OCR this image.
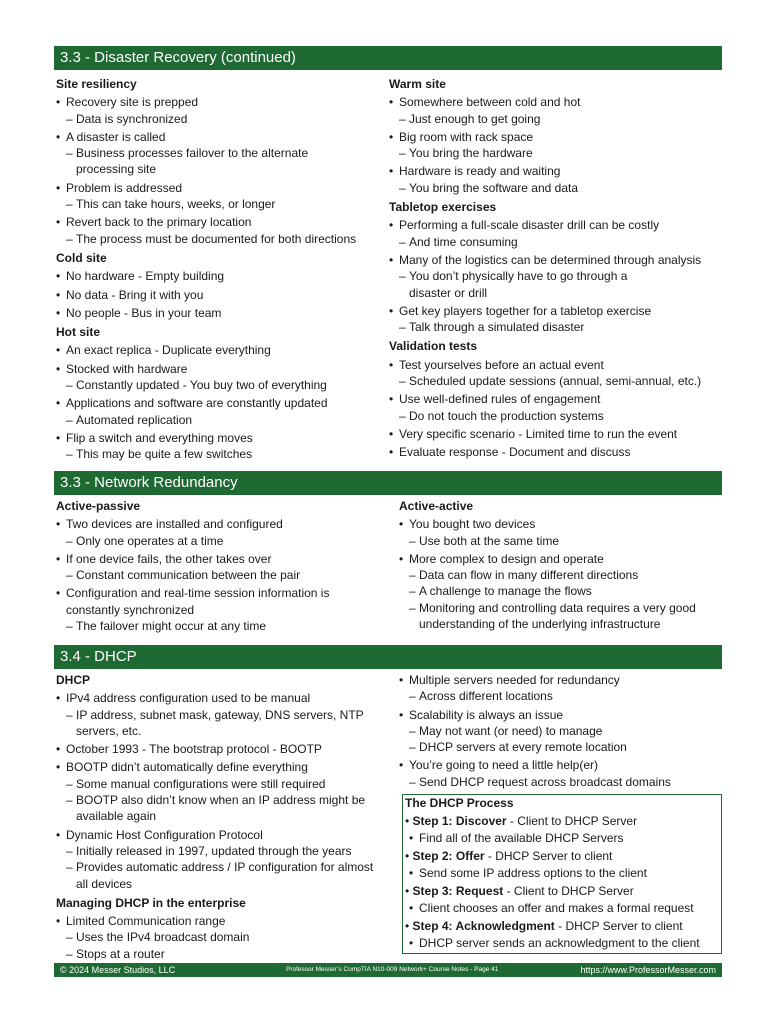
3.3 - Disaster Recovery (continued)
Site resiliency
• Recovery site is prepped
– Data is synchronized
• A disaster is called
– Business processes failover to the alternate processing site
• Problem is addressed
– This can take hours, weeks, or longer
• Revert back to the primary location
– The process must be documented for both directions
Cold site
• No hardware - Empty building
• No data - Bring it with you
• No people - Bus in your team
Hot site
• An exact replica - Duplicate everything
• Stocked with hardware
– Constantly updated - You buy two of everything
• Applications and software are constantly updated
– Automated replication
• Flip a switch and everything moves
– This may be quite a few switches
Warm site
• Somewhere between cold and hot
– Just enough to get going
• Big room with rack space
– You bring the hardware
• Hardware is ready and waiting
– You bring the software and data
Tabletop exercises
• Performing a full-scale disaster drill can be costly
– And time consuming
• Many of the logistics can be determined through analysis
– You don’t physically have to go through a disaster or drill
• Get key players together for a tabletop exercise
– Talk through a simulated disaster
Validation tests
• Test yourselves before an actual event
– Scheduled update sessions (annual, semi-annual, etc.)
• Use well-defined rules of engagement
– Do not touch the production systems
• Very specific scenario - Limited time to run the event
• Evaluate response - Document and discuss
3.3 - Network Redundancy
Active-passive
• Two devices are installed and configured
– Only one operates at a time
• If one device fails, the other takes over
– Constant communication between the pair
• Configuration and real-time session information is constantly synchronized
– The failover might occur at any time
Active-active
• You bought two devices
– Use both at the same time
• More complex to design and operate
– Data can flow in many different directions
– A challenge to manage the flows
– Monitoring and controlling data requires a very good understanding of the underlying infrastructure
3.4 - DHCP
DHCP
• IPv4 address configuration used to be manual
– IP address, subnet mask, gateway, DNS servers, NTP servers, etc.
• October 1993 - The bootstrap protocol - BOOTP
• BOOTP didn’t automatically define everything
– Some manual configurations were still required
– BOOTP also didn’t know when an IP address might be available again
• Dynamic Host Configuration Protocol
– Initially released in 1997, updated through the years
– Provides automatic address / IP configuration for almost all devices
Managing DHCP in the enterprise
• Limited Communication range
– Uses the IPv4 broadcast domain
– Stops at a router
• Multiple servers needed for redundancy
– Across different locations
• Scalability is always an issue
– May not want (or need) to manage
– DHCP servers at every remote location
• You’re going to need a little help(er)
– Send DHCP request across broadcast domains
The DHCP Process
• Step 1: Discover - Client to DHCP Server
• Find all of the available DHCP Servers
• Step 2: Offer - DHCP Server to client
• Send some IP address options to the client
• Step 3: Request - Client to DHCP Server
• Client chooses an offer and makes a formal request
• Step 4: Acknowledgment - DHCP Server to client
• DHCP server sends an acknowledgment to the client
© 2024 Messer Studios, LLC	Professor Messer’s CompTIA N10-009 Network+ Course Notes - Page 41	https://www.ProfessorMesser.com
